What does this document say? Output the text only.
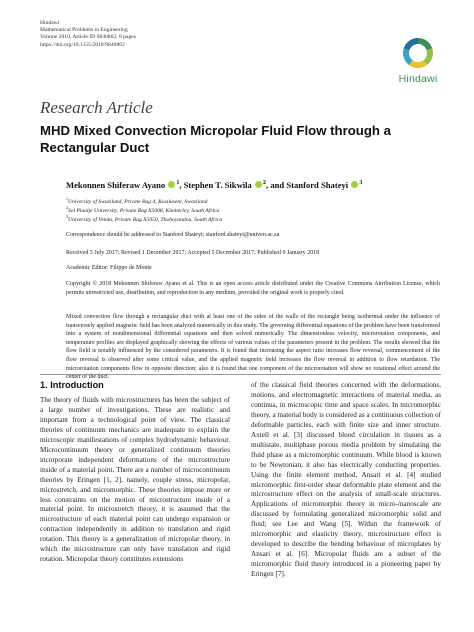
Hindawi
Mathematical Problems in Engineering
Volume 2018, Article ID 9840862, 8 pages
https://doi.org/10.1155/2018/9840862
Hindawi
Research Article
MHD Mixed Convection Micropolar Fluid Flow through a Rectangular Duct
Mekonnen Shiferaw Ayano $^1$, Stephen T. Sikwila $^2$, and Stanford Shateyi $^3$
$^1$University of Swaziland, Private Bag 4, Kwaluseni, Swaziland
$^2$Sol Plaatje University, Private Bag X5008, Kimberley, South Africa
$^3$University of Venda, Private Bag X5050, Thohoyandou, South Africa
Correspondence should be addressed to Stanford Shateyi; stanford.shateyi@univen.ac.za
Received 5 July 2017; Revised 1 December 2017; Accepted 5 December 2017; Published 9 January 2018
Academic Editor: Filippo de Monte
Copyright © 2018 Mekonnen Shiferaw Ayano et al. This is an open access article distributed under the Creative Commons Attribution License, which permits unrestricted use, distribution, and reproduction in any medium, provided the original work is properly cited.
Mixed convection flow through a rectangular duct with at least one of the sides of the walls of the rectangle being isothermal under the influence of transversely applied magnetic field has been analyzed numerically in this study. The governing differential equations of the problem have been transformed into a system of nondimensional differential equations and then solved numerically. The dimensionless velocity, microrotation components, and temperature profiles are displayed graphically showing the effects of various values of the parameters present in the problem. The results showed that the flow field is notably influenced by the considered parameters. It is found that increasing the aspect ratio increases flow reversal, commencement of the flow reversal is observed after some critical value, and the applied magnetic field increases the flow reversal in addition to flow retardation. The microrotation components flow in opposite direction; also it is found that one component of the microrotation will show no rotational effect around the center of the duct.
1. Introduction
The theory of fluids with microstructures has been the subject of a large number of investigations. These are realistic and important from a technological point of view. The classical theories of continuum mechanics are inadequate to explain the microscopic manifestations of complex hydrodynamic behaviour. Microcontinuum theory or generalized continuum theories incorporate independent deformations of the microstructure inside of a material point. There are a number of microcontinuum theories by Eringen [1, 2], namely, couple stress, micropolar, microstretch, and micromorphic. These theories impose more or less constraints on the motion of microstructure inside of a material point. In microstretch theory, it is assumed that the microstructure of each material point can undergo expansion or contraction independently in addition to translation and rigid rotation. This theory is a generalization of micropolar theory, in which the microstructure can only have translation and rigid rotation. Micropolar theory constitutes extensions
of the classical field theories concerned with the deformations, motions, and electromagnetic interactions of material media, as continua, in microscopic time and space scales. In micromorphic theory, a material body is considered as a continuous collection of deformable particles, each with finite size and inner structure. Axtell et al. [3] discussed blood circulation in tissues as a multistate, multiphase porous media problem by simulating the fluid phase as a micromorphic continuum. While blood is known to be Newtonian, it also has electrically conducting properties. Using the finite element method, Ansari et al. [4] studied micromorphic first-order shear deformable plate element and the microstructure effect on the analysis of small-scale structures. Applications of micromorphic theory in micro-/nanoscale are discussed by formulating generalized micromorphic solid and fluid; see Lee and Wang [5]. Within the framework of micromorphic and elasticity theory, microstructure effect is developed to describe the bending behaviour of microplates by Ansari et al. [6]. Micropolar fluids are a subset of the micromorphic fluid theory introduced in a pioneering paper by Eringen [7].
